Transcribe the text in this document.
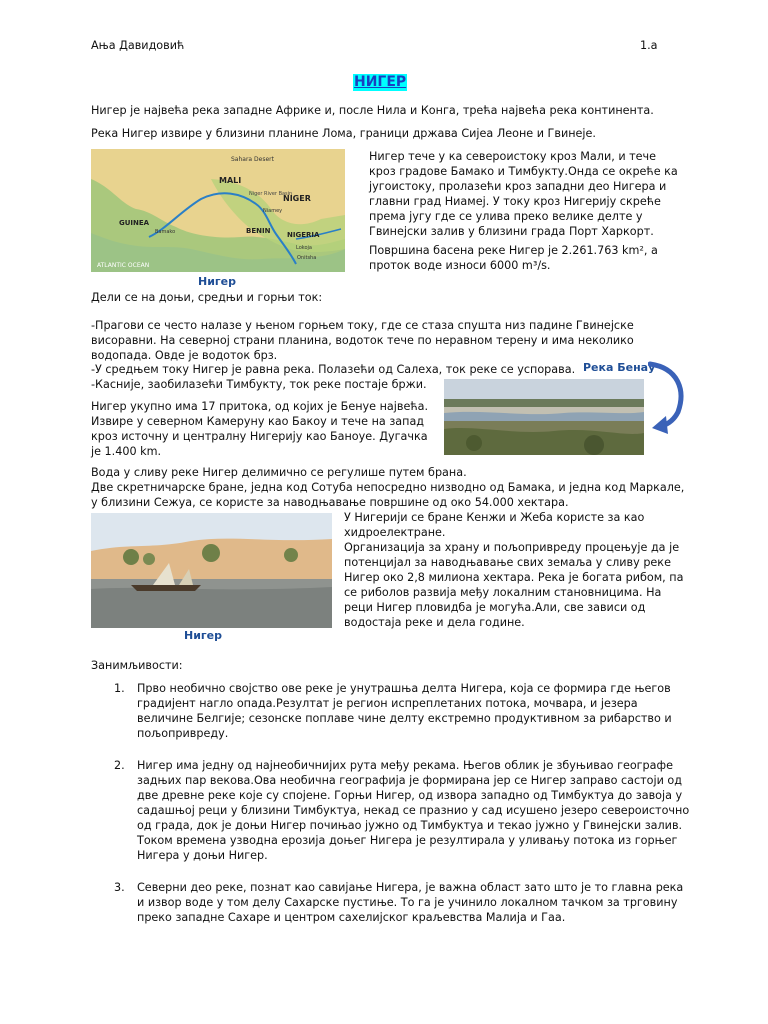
Ања Давидовић	1.a
НИГЕР
Нигер је највећа река западне Африке и, после Нила и Конга, трећа највећа река континента.
Река Нигер извире у близини планине Лома, граници држава Сијеа Леоне и Гвинеје.
Sahara Desert
MALI
NIGER
Niger River Basin
GUINEA
BENIN NIGERIA
ATLANTIC OCEAN
Bamako
Niamey
Lokoja
Onitsha
Нигер
Нигер тече у ка североистоку кроз Мали, и тече кроз градове Бамако и Тимбукту.Онда се окреће ка југоистоку, пролазећи кроз западни део Нигера и главни град Ниамеј. У току кроз Нигерију скреће према југу где се улива преко велике делте у Гвинејски залив у близини града Порт Харкорт.
Површина басена реке Нигер је 2.261.763 km², а проток воде износи 6000 m³/s.
Дели се на доњи, средњи и горњи ток:
-Прагови се често налазе у њеном горњем току, где се стаза спушта низ падине Гвинејске висоравни. На северној страни планина, водоток тече по неравном терену и има неколико водопада. Овде је водоток брз.
-У средњем току Нигер је равна река. Полазећи од Салеха, ток реке се успорава.
-Касније, заобилазећи Тимбукту, ток реке постаје бржи.
Река Бенау
Нигер укупно има 17 притока, од којих је Бенуе највећа. Извире у северном Камеруну као Бакоу и тече на запад кроз источну и централну Нигерију као Баноуе. Дугачка је 1.400 km.
Вода у сливу реке Нигер делимично се регулише путем брана.
Две скретничарске бране, једна код Сотуба непосредно низводно од Бамака, и једна код Маркале, у близини Сежуа, се користе за наводњавање површине од око 54.000 хектара.
Нигер
У Нигерији се бране Кенжи и Жеба користе за као хидроелектране.
Организација за храну и пољопривреду процењује да је потенцијал за наводњавање свих земаља у сливу реке Нигер око 2,8 милиона хектара. Река је богата рибом, па се риболов развија међу локалним становницима. На реци Нигер пловидба је могућа.Али, све зависи од водостаја реке и дела године.
Занимљивости:
1. Прво необично својство ове реке је унутрашња делта Нигера, која се формира где његов градијент нагло опада.Резултат је регион испреплетаних потока, мочвара, и језера величине Белгије; сезонске поплаве чине делту екстремно продуктивном за рибарство и пољопривреду.
2. Нигер има једну од најнеобичнијих рута међу рекама. Његов облик је збуњивао географе задњих пар векова.Ова необична географија је формирана јер се Нигер заправо састоји од две древне реке које су спојене. Горњи Нигер, од извора западно од Тимбуктуа до завоја у садашњој реци у близини Тимбуктуа, некад се празнио у сад исушено језеро североисточно од града, док је доњи Нигер почињао јужно од Тимбуктуа и текао јужно у Гвинејски залив. Током времена узводна ерозија доњег Нигера је резултирала у уливању потока из горњег Нигера у доњи Нигер.
3. Северни део реке, познат као савијање Нигера, је важна област зато што је то главна река и извор воде у том делу Сахарске пустиње. То га је учинило локалном тачком за трговину преко западне Сахаре и центром сахелијског краљевства Малија и Гаа.
